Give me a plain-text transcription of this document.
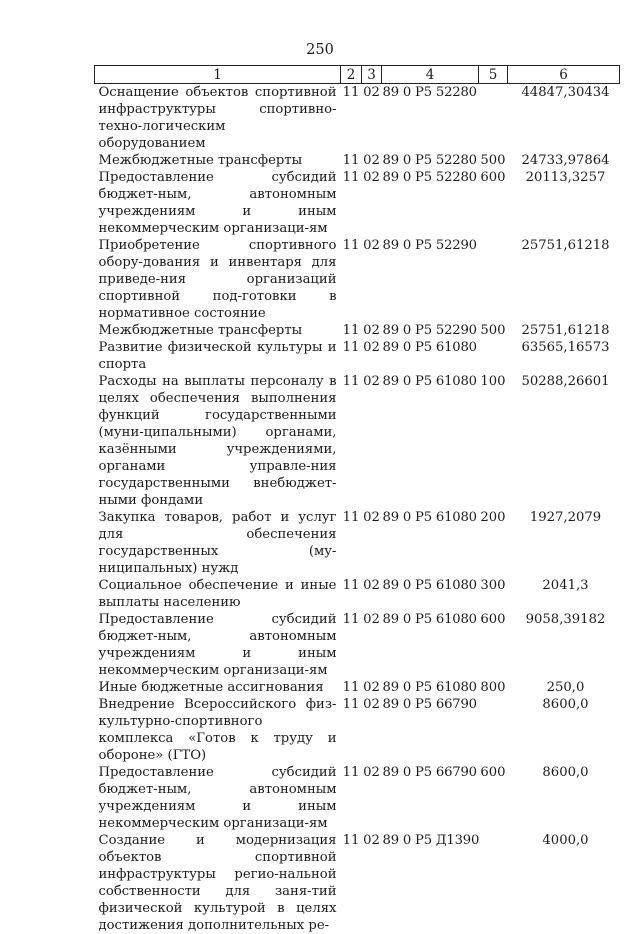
250
1	2	3	4	5	6
Оснащение объектов спортивной инфраструктуры спортивно-техно-логическим оборудованием	11	02	89 0 Р5 52280		44847,30434
Межбюджетные трансферты	11	02	89 0 Р5 52280	500	24733,97864
Предоставление субсидий бюджет-ным, автономным учреждениям и иным некоммерческим организаци-ям	11	02	89 0 Р5 52280	600	20113,3257
Приобретение спортивного обору-дования и инвентаря для приведе-ния организаций спортивной под-готовки в нормативное состояние	11	02	89 0 Р5 52290		25751,61218
Межбюджетные трансферты	11	02	89 0 Р5 52290	500	25751,61218
Развитие физической культуры и спорта	11	02	89 0 Р5 61080		63565,16573
Расходы на выплаты персоналу в целях обеспечения выполнения функций государственными (муни-ципальными) органами, казёнными учреждениями, органами управле-ния государственными внебюджет-ными фондами	11	02	89 0 Р5 61080	100	50288,26601
Закупка товаров, работ и услуг для обеспечения государственных (му-ниципальных) нужд	11	02	89 0 Р5 61080	200	1927,2079
Социальное обеспечение и иные выплаты населению	11	02	89 0 Р5 61080	300	2041,3
Предоставление субсидий бюджет-ным, автономным учреждениям и иным некоммерческим организаци-ям	11	02	89 0 Р5 61080	600	9058,39182
Иные бюджетные ассигнования	11	02	89 0 Р5 61080	800	250,0
Внедрение Всероссийского физ-культурно-спортивного комплекса «Готов к труду и обороне» (ГТО)	11	02	89 0 Р5 66790		8600,0
Предоставление субсидий бюджет-ным, автономным учреждениям и иным некоммерческим организаци-ям	11	02	89 0 Р5 66790	600	8600,0
Создание и модернизация объектов спортивной инфраструктуры регио-нальной собственности для заня-тий физической культурой в целях достижения дополнительных ре-	11	02	89 0 Р5 Д1390		4000,0
